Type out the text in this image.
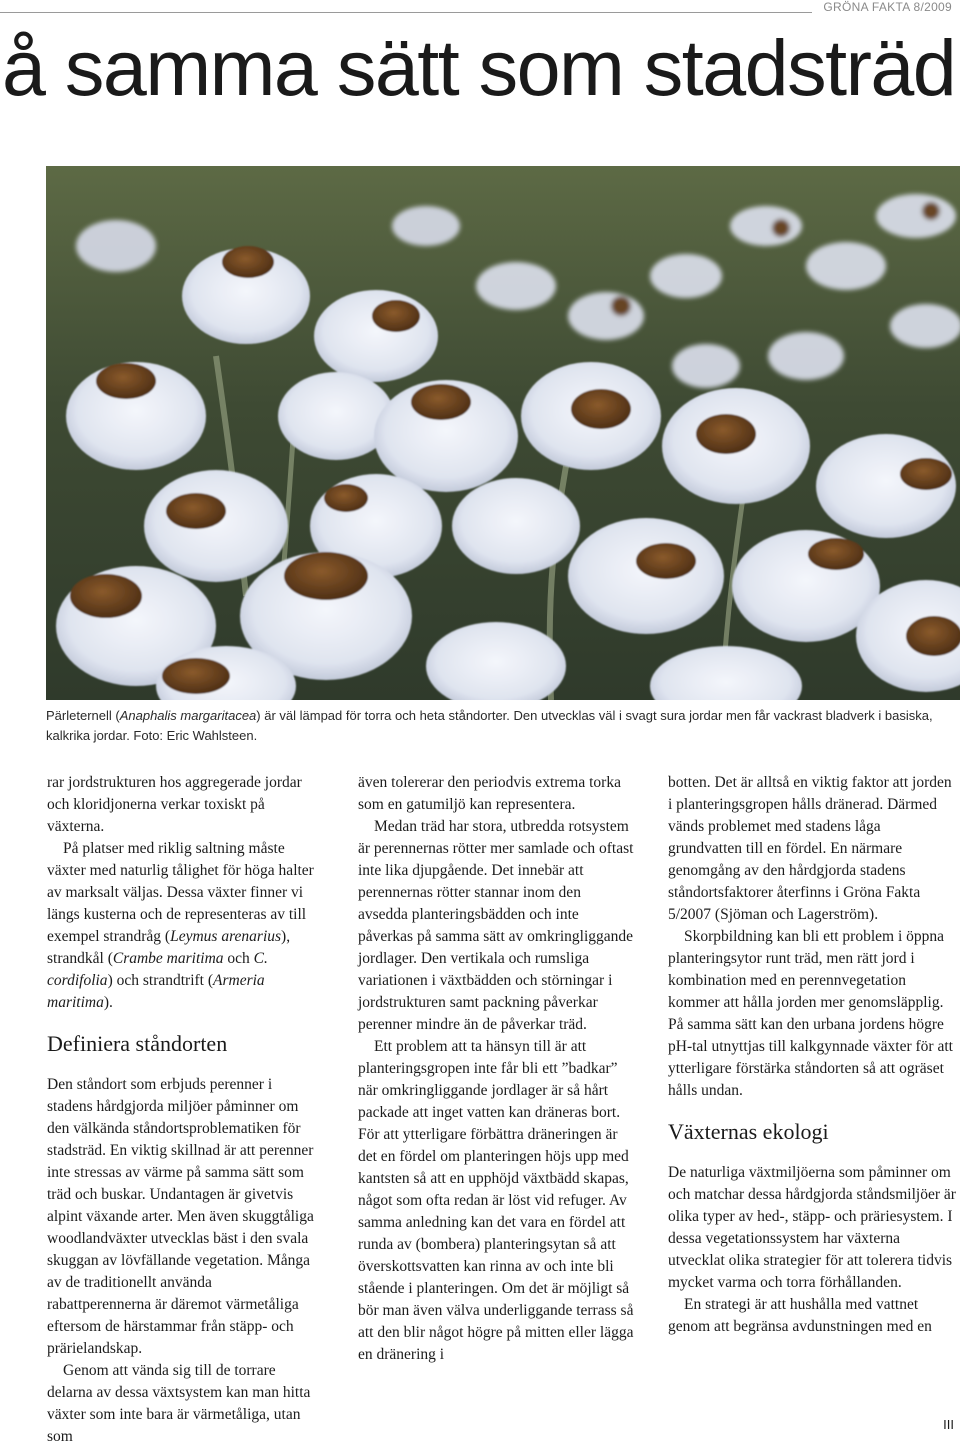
GRÖNA FAKTA 8/2009
å samma sätt som stadsträd
Pärleternell (Anaphalis margaritacea) är väl lämpad för torra och heta ståndorter. Den utvecklas väl i svagt sura jordar men får vackrast bladverk i basiska, kalkrika jordar. Foto: Eric Wahlsteen.

rar jordstrukturen hos aggregerade jordar och kloridjonerna verkar toxiskt på växterna.

På platser med riklig saltning måste växter med naturlig tålighet för höga halter av marksalt väljas. Dessa växter finner vi längs kusterna och de representeras av till exempel strandråg (Leymus arenarius), strandkål (Crambe maritima och C. cordifolia) och strandtrift (Armeria maritima).

Definiera ståndorten

Den ståndort som erbjuds perenner i stadens hårdgjorda miljöer påminner om den välkända ståndortsproblematiken för stadsträd. En viktig skillnad är att perenner inte stressas av värme på samma sätt som träd och buskar. Undantagen är givetvis alpint växande arter. Men även skuggtåliga woodlandväxter utvecklas bäst i den svala skuggan av lövfällande vegetation. Många av de traditionellt använda rabattperennerna är däremot värmetåliga eftersom de härstammar från stäpp- och prärielandskap.

Genom att vända sig till de torrare delarna av dessa växtsystem kan man hitta växter som inte bara är värmetåliga, utan som

även tolererar den periodvis extrema torka som en gatumiljö kan representera.

Medan träd har stora, utbredda rotsystem är perennernas rötter mer samlade och oftast inte lika djupgående. Det innebär att perennernas rötter stannar inom den avsedda planteringsbädden och inte påverkas på samma sätt av omkringliggande jordlager. Den vertikala och rumsliga variationen i växtbädden och störningar i jordstrukturen samt packning påverkar perenner mindre än de påverkar träd.

Ett problem att ta hänsyn till är att planteringsgropen inte får bli ett ”badkar” när omkringliggande jordlager är så hårt packade att inget vatten kan dräneras bort. För att ytterligare förbättra dräneringen är det en fördel om planteringen höjs upp med kantsten så att en upphöjd växtbädd skapas, något som ofta redan är löst vid refuger. Av samma anledning kan det vara en fördel att runda av (bombera) planteringsytan så att överskottsvatten kan rinna av och inte bli stående i planteringen. Om det är möjligt så bör man även välva underliggande terrass så att den blir något högre på mitten eller lägga en dränering i

botten. Det är alltså en viktig faktor att jorden i planteringsgropen hålls dränerad. Därmed vänds problemet med stadens låga grundvatten till en fördel. En närmare genomgång av den hårdgjorda stadens ståndortsfaktorer återfinns i Gröna Fakta 5/2007 (Sjöman och Lagerström).

Skorpbildning kan bli ett problem i öppna planteringsytor runt träd, men rätt jord i kombination med en perennvegetation kommer att hålla jorden mer genomsläpplig. På samma sätt kan den urbana jordens högre pH-tal utnyttjas till kalkgynnade växter för att ytterligare förstärka ståndorten så att ogräset hålls undan.

Växternas ekologi

De naturliga växtmiljöerna som påminner om och matchar dessa hårdgjorda ståndsmiljöer är olika typer av hed-, stäpp- och präriesystem. I dessa vegetationssystem har växterna utvecklat olika strategier för att tolerera tidvis mycket varma och torra förhållanden.

En strategi är att hushålla med vattnet genom att begränsa avdunstningen med en

III
